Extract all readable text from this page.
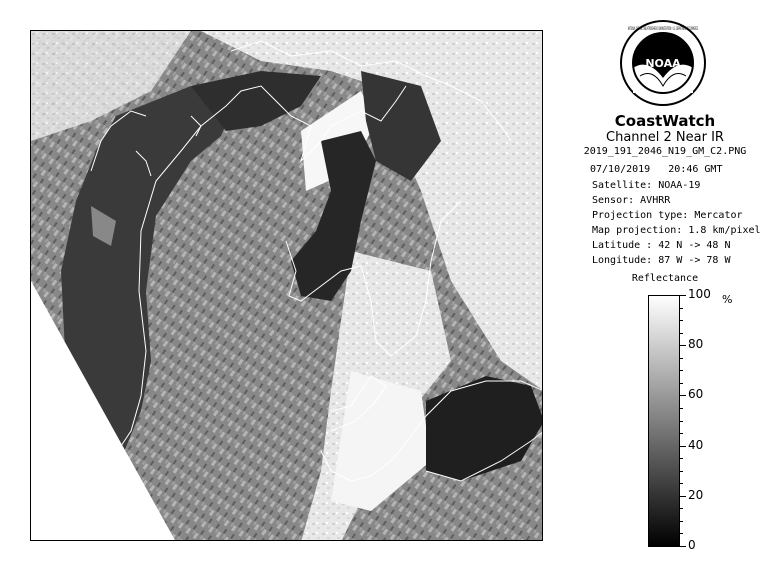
NOAA
NATIONAL OCEANIC AND ATMOSPHERIC ADMINISTRATION · U.S. DEPARTMENT OF COMMERCE
CoastWatch
Channel 2 Near IR
2019_191_2046_N19_GM_C2.PNG
07/10/2019 20:46 GMT
Satellite: NOAA-19
Sensor: AVHRR
Projection type: Mercator
Map projection: 1.8 km/pixel
Latitude : 42 N -> 48 N
Longitude: 87 W -> 78 W
Reflectance
%
100
80
60
40
20
0
